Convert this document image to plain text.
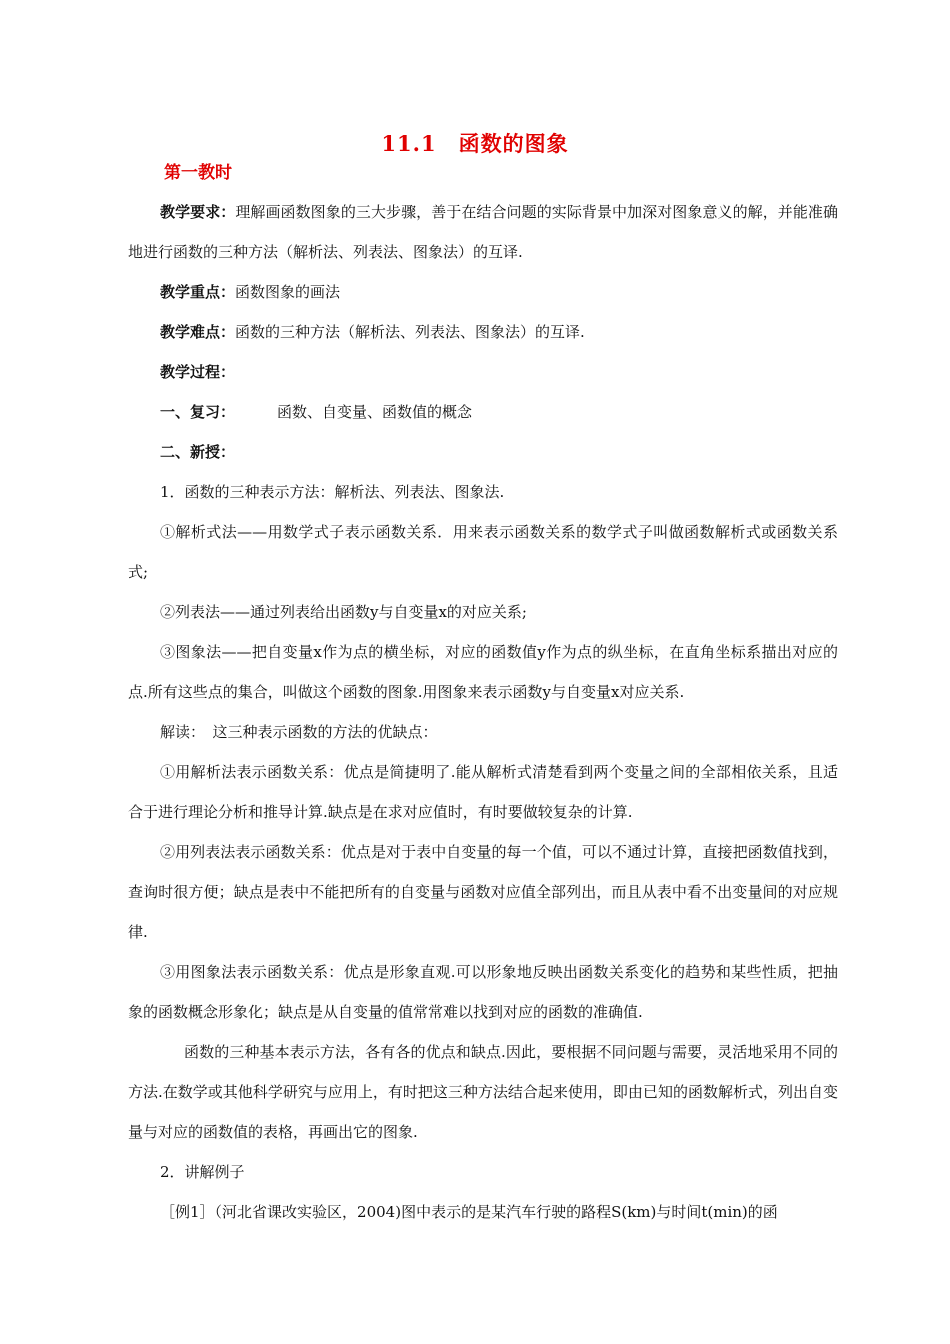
11.1　函数的图象
第一教时

教学要求：理解画函数图象的三大步骤，善于在结合问题的实际背景中加深对图象意义的解，并能准确地进行函数的三种方法（解析法、列表法、图象法）的互译.

教学重点：函数图象的画法

教学难点：函数的三种方法（解析法、列表法、图象法）的互译.

教学过程：

一、复习：	函数、自变量、函数值的概念

二、新授：

1．函数的三种表示方法：解析法、列表法、图象法.

①解析式法——用数学式子表示函数关系．用来表示函数关系的数学式子叫做函数解析式或函数关系式;

②列表法——通过列表给出函数y与自变量x的对应关系;

③图象法——把自变量x作为点的横坐标，对应的函数值y作为点的纵坐标，在直角坐标系描出对应的点.所有这些点的集合，叫做这个函数的图象.用图象来表示函数y与自变量x对应关系.

解读：　这三种表示函数的方法的优缺点：

①用解析法表示函数关系：优点是简捷明了.能从解析式清楚看到两个变量之间的全部相依关系，且适合于进行理论分析和推导计算.缺点是在求对应值时，有时要做较复杂的计算.

②用列表法表示函数关系：优点是对于表中自变量的每一个值，可以不通过计算，直接把函数值找到，查询时很方便；缺点是表中不能把所有的自变量与函数对应值全部列出，而且从表中看不出变量间的对应规律.

③用图象法表示函数关系：优点是形象直观.可以形象地反映出函数关系变化的趋势和某些性质，把抽象的函数概念形象化；缺点是从自变量的值常常难以找到对应的函数的准确值.

函数的三种基本表示方法，各有各的优点和缺点.因此，要根据不同问题与需要，灵活地采用不同的方法.在数学或其他科学研究与应用上，有时把这三种方法结合起来使用，即由已知的函数解析式，列出自变量与对应的函数值的表格，再画出它的图象.

2．讲解例子

［例1］（河北省课改实验区，2004)图中表示的是某汽车行驶的路程S(km)与时间t(min)的函
